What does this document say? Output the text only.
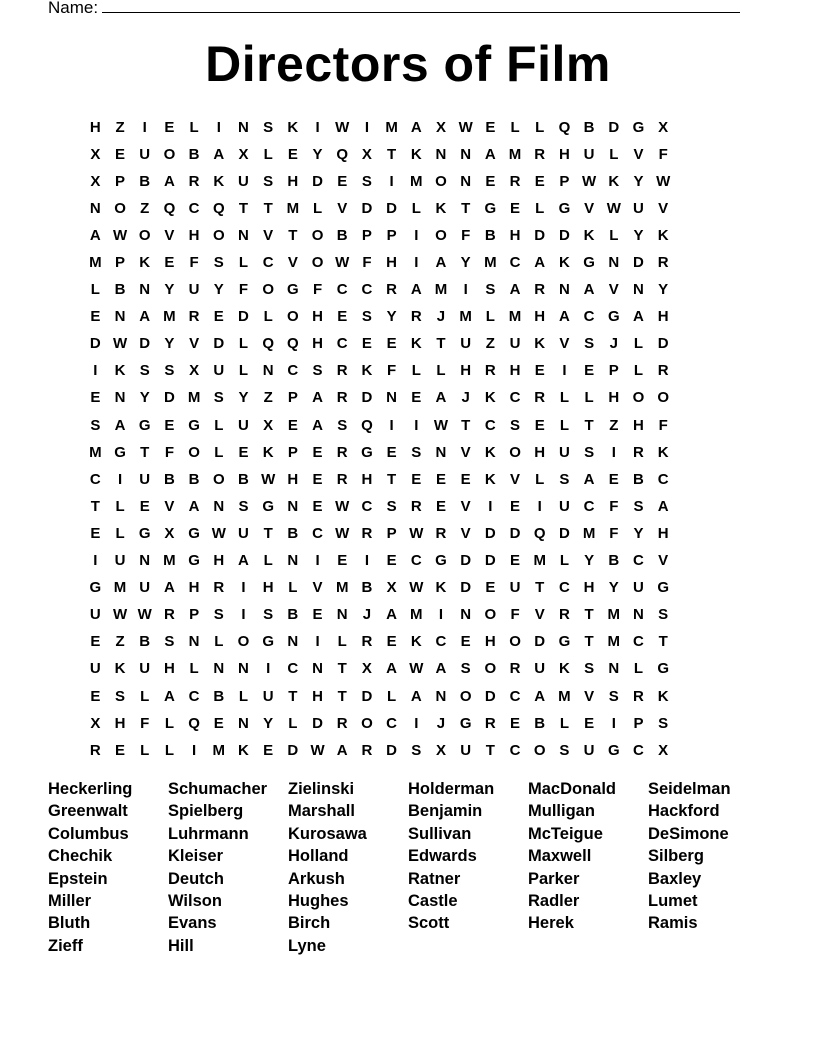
Name:
Directors of Film
H Z	I	E	L	I	N S K	I	W	I	M A X W E	L	L Q B D G X
X E U O B A X	L	E Y Q X	T K N N A M R H U L	V	F
X P B A R K U S H D E S	I	M O N E R E P W K Y W
N O Z Q C Q T	T M L	V D D L K T G E	L G V W U V
A W O V H O N V	T O B P P	I	O F B H D D K L	Y K
M P K E	F	S	L C V O W F H	I	A Y M C A K G N D R
L B N Y U Y	F O G F C C R A M	I	S A R N A V N Y
E N A M R E D L O H E S Y R	J M L M H A C G A H
D W D Y V D L Q Q H C E E K T U Z U K V S	J	L D
I	K S S X U L N C S R K F	L	L H R H E	I	E P	L R
E N Y D M S Y	Z	P A R D N E A	J	K C R L	L H O O
S A G E G L U X E A S Q	I	I	W T C S E	L	T	Z H F
M G T	F O L	E K P E R G E S N V K O H U S	I	R K
C	I	U B B O B W H E R H T	E E E K V	L	S A E B C
T	L	E V A N S G N E W C S R E V	I	E	I	U C F	S A
E	L G X G W U T B C W R P W R V D D Q D M F	Y H
I	U N M G H A L N	I	E	I	E C G D D E M L	Y B C V
G M U A H R	I	H L	V M B X W K D E U T C H Y U G
U W W R P S	I	S B E N	J	A M	I	N O F	V R T M N S
E	Z B S N L O G N	I	L R E K C E H O D G T M C T
U K U H L N N	I	C N T	X A W A S O R U K S N L G
E S	L A C B L U T H T D L A N O D C A M V S R K
X H F	L Q E N Y	L D R O C	I	J G R E B L	E	I	P S
R E	L	L	I	M K E D W A R D S X U T C O S U G C X
Heckerling
Greenwalt
Columbus
Chechik
Epstein
Miller
Bluth
Zieff
Schumacher
Spielberg
Luhrmann
Kleiser
Deutch
Wilson
Evans
Hill
Zielinski
Marshall
Kurosawa
Holland
Arkush
Hughes
Birch
Lyne
Holderman
Benjamin
Sullivan
Edwards
Ratner
Castle
Scott
MacDonald
Mulligan
McTeigue
Maxwell
Parker
Radler
Herek
Seidelman
Hackford
DeSimone
Silberg
Baxley
Lumet
Ramis
